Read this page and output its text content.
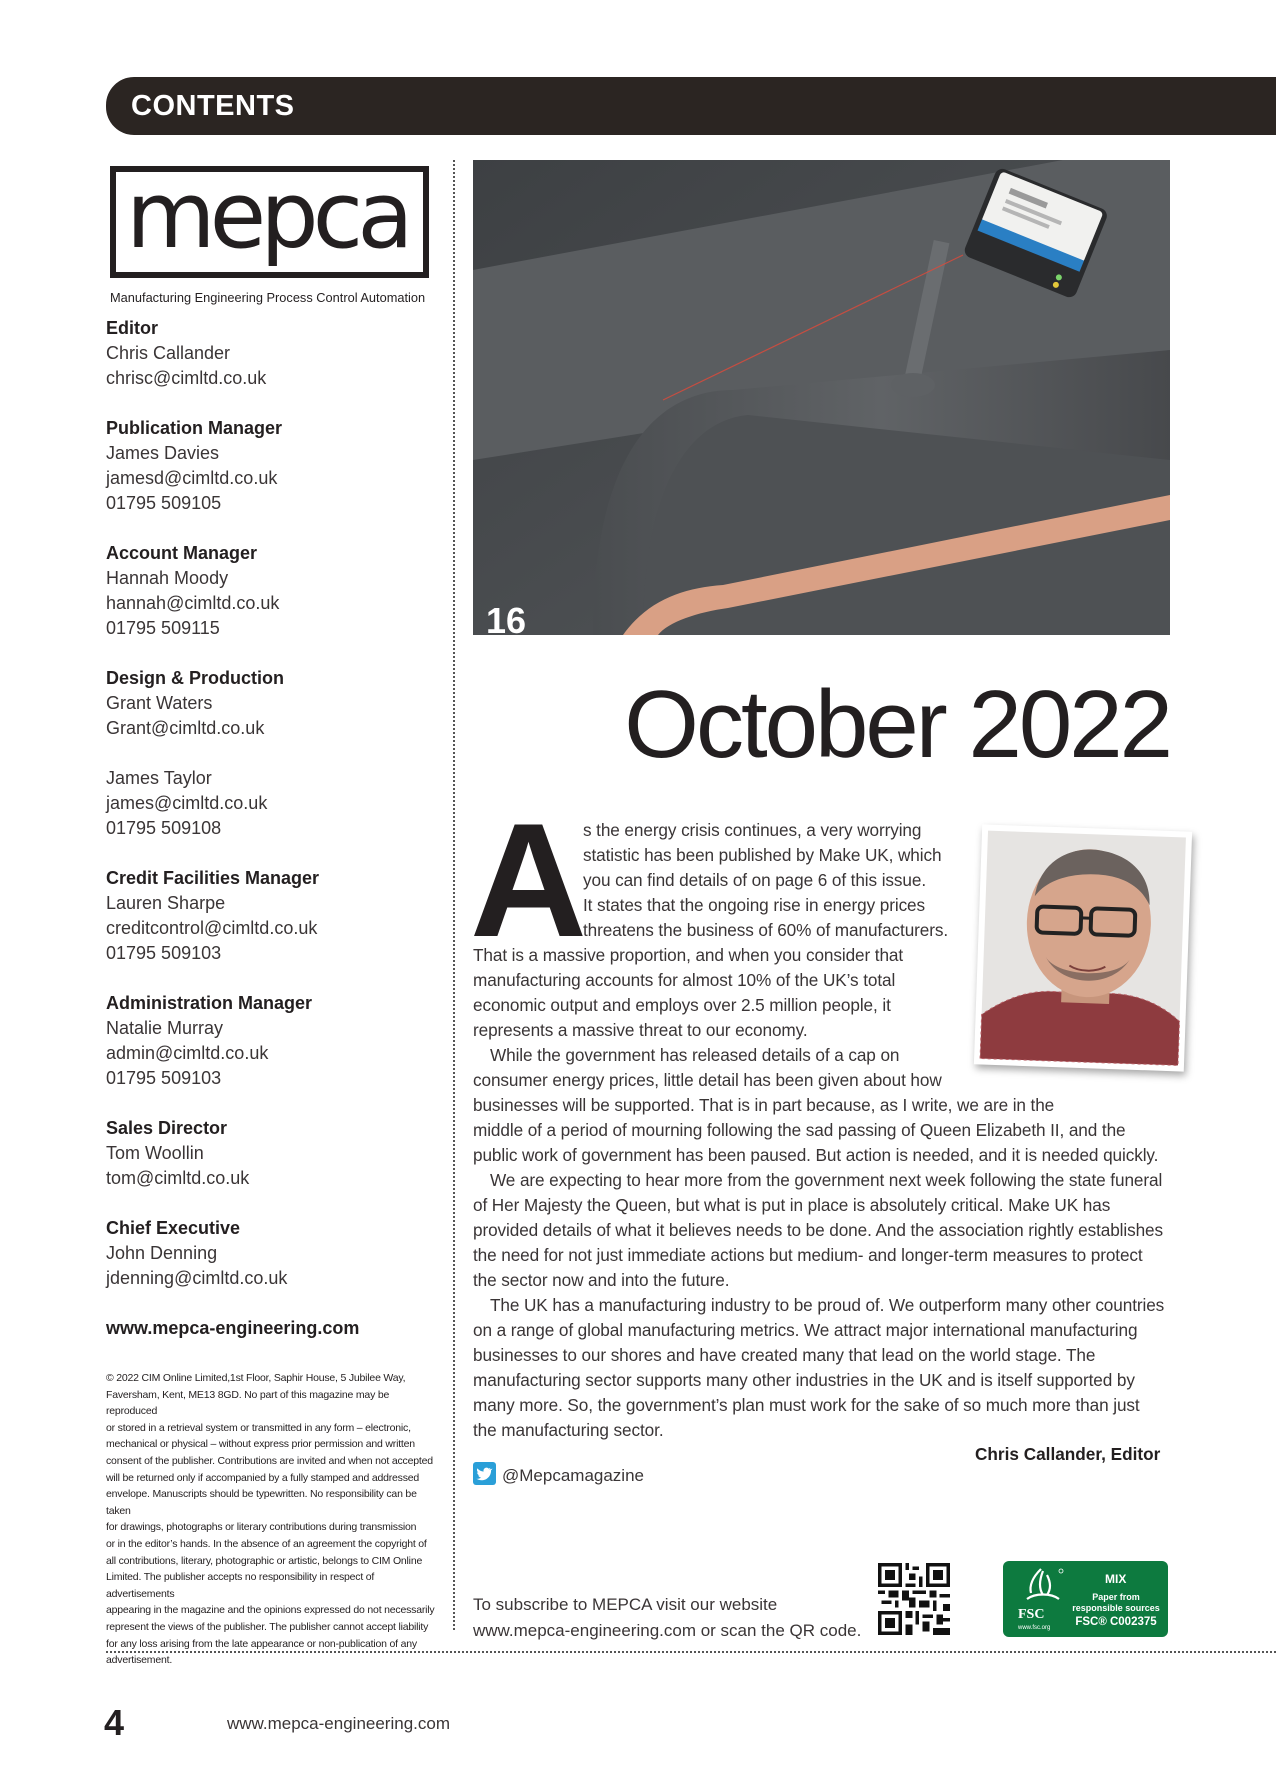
CONTENTS
mepca
Manufacturing Engineering Process Control Automation
Editor
Chris Callander
chrisc@cimltd.co.uk
Publication Manager
James Davies
jamesd@cimltd.co.uk
01795 509105
Account Manager
Hannah Moody
hannah@cimltd.co.uk
01795 509115
Design & Production
Grant Waters
Grant@cimltd.co.uk
James Taylor
james@cimltd.co.uk
01795 509108
Credit Facilities Manager
Lauren Sharpe
creditcontrol@cimltd.co.uk
01795 509103
Administration Manager
Natalie Murray
admin@cimltd.co.uk
01795 509103
Sales Director
Tom Woollin
tom@cimltd.co.uk
Chief Executive
John Denning
jdenning@cimltd.co.uk
www.mepca-engineering.com
© 2022 CIM Online Limited,1st Floor, Saphir House, 5 Jubilee Way,
Faversham, Kent, ME13 8GD. No part of this magazine may be reproduced
or stored in a retrieval system or transmitted in any form – electronic,
mechanical or physical – without express prior permission and written
consent of the publisher. Contributions are invited and when not accepted
will be returned only if accompanied by a fully stamped and addressed
envelope. Manuscripts should be typewritten. No responsibility can be taken
for drawings, photographs or literary contributions during transmission
or in the editor’s hands. In the absence of an agreement the copyright of
all contributions, literary, photographic or artistic, belongs to CIM Online
Limited. The publisher accepts no responsibility in respect of advertisements
appearing in the magazine and the opinions expressed do not necessarily
represent the views of the publisher. The publisher cannot accept liability
for any loss arising from the late appearance or non-publication of any
advertisement.
16
October 2022
A
s the energy crisis continues, a very worrying
statistic has been published by Make UK, which
you can find details of on page 6 of this issue.
It states that the ongoing rise in energy prices
threatens the business of 60% of manufacturers.
That is a massive proportion, and when you consider that
manufacturing accounts for almost 10% of the UK’s total
economic output and employs over 2.5 million people, it
represents a massive threat to our economy.
While the government has released details of a cap on
consumer energy prices, little detail has been given about how
businesses will be supported. That is in part because, as I write, we are in the
middle of a period of mourning following the sad passing of Queen Elizabeth II, and the
public work of government has been paused. But action is needed, and it is needed quickly.
We are expecting to hear more from the government next week following the state funeral
of Her Majesty the Queen, but what is put in place is absolutely critical. Make UK has
provided details of what it believes needs to be done. And the association rightly establishes
the need for not just immediate actions but medium- and longer-term measures to protect
the sector now and into the future.
The UK has a manufacturing industry to be proud of. We outperform many other countries
on a range of global manufacturing metrics. We attract major international manufacturing
businesses to our shores and have created many that lead on the world stage. The
manufacturing sector supports many other industries in the UK and is itself supported by
many more. So, the government’s plan must work for the sake of so much more than just
the manufacturing sector.
Chris Callander, Editor
@Mepcamagazine
To subscribe to MEPCA visit our website
www.mepca-engineering.com or scan the QR code.
FSC
www.fsc.org
MIX
Paper from
responsible sources
FSC® C002375
4	www.mepca-engineering.com
